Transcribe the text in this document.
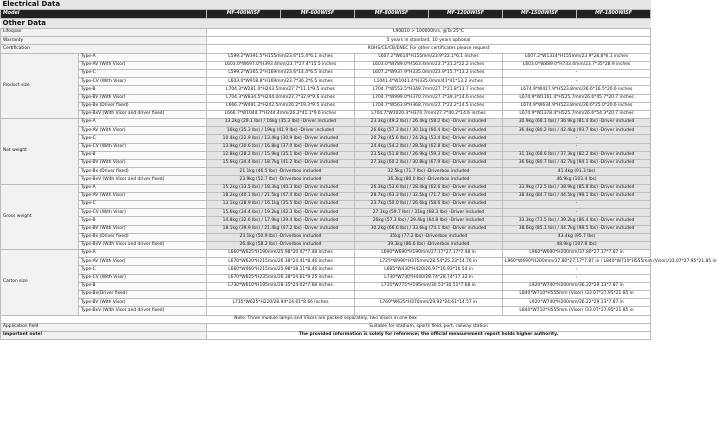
Electrical Data							
Model		MF-400WISF	MF-600WISF	MF-800WISF	MF-1200WISF	MF-1500WISF	MF-1800WISF
Other Data							
Lifespan		L90B10 > 100000hrs, @Ta 25°C					
Warranty		5 years in standard, 10 years optional					
Certification		ROHS/CE/CB/ENEC For other certificates please request					
Product size	Type-A	L599.2*W391.5*H155mm/23.6*15.4*6.1 inches		L607.2*W614*H155mm/23.9*22.1*6.1 inches		L607.2*W1314*H155mm/23.9*28.8*6.1 inches	
	Type-AV (With Visor)	L603.0*W697.0*H393.4mm/23.7*27.4*15.5 inches		L603.0*W789.0*H563.4mm/23.7*31.2*22.2 inches		L603.0*W889.0*H733.4mm/23.7*35*28.9 inches	
	Type-C	L599.2*W365.2*H169mm/23.6*14.4*6.5 inches		L607.2*W937.9*H335.0mm/23.9*15.7*13.2 inches		-	
	Type-CV (With Visor)	L603.0*W918.8*H169mm/23.7*36.2*6.5 inches		L1041.4*W1041.4*H335.0mm/41*41*13.2 inches		-	
	Type-B	L704.3*W281.0*H243.5mm/27.7*11.1*9.5 inches		L704.7*W553.5*H348.7mm/27.7*21.8*13.7 inches		L674.9*W417.9*H523.8mm/26.6*16.5*20.6 inches	
	Type-BV (With Visor)	L704.3*W834.5*H244.4mm/27.7*32.9*9.6 inches		L704.7*W999.0*H370.7mm/27.7*39.3*14.6 inches		L674.9*W1161.4*H525.7mm/26.6*45.7*20.7 inches	
	Type-Bx (Driver fixed)	L666.7*W491.2*H242.5mm/26.2*19.3*9.5 inches		L704.7*W563.8*H368.7mm/27.7*22.2*14.5 inches		L674.9*W634.9*H523.8mm/26.6*25.0*20.6 inches	
	Type-BxV (With Visor and driver fixed)	L666.7*W1044.7*H244.4mm/26.2*41.1*9.6 inches		L704.7*W1020.3*H370.7mm/27.7*40.2*14.6 inches		L674.9*W1378.4*H525.7mm/26.6*54.3*20.7 inches	
Net weight	Type-A	13.2kg (29.1 lbs) / 16kg (35.3 lbs) -Driver included		23.3kg (49.2 lbs) / 26.4kg (58.2 lbs) -Driver included		30.9kg (68.1 lbs) / 36.9kg (81.4 lbs) -Driver included	
	Type-AV (With Visor)	16kg (35.3 lbs) / 19kg (41.9 lbs) -Driver included		26.6kg (57.3 lbs) / 30.1kg (66.4 lbs) -Driver included		36.4kg (80.2 lbs) / 42.4kg (93.7 lbs) -Driver included	
	Type-C	10.4kg (22.9 lbs) / 13.4kg (30.9 lbs) -Driver included		20.7kg (45.6 lbs) / 24.2kg (53.4 lbs) -Driver included		-	
	Type-CV (With Visor)	13.9kg (30.6 lbs) / 16.8kg (37.0 lbs) -Driver included		24.4kg (54.2 lbs) / 28.5kg (62.8 lbs) -Driver included		-	
	Type-B	12.8kg (28.2 lbs) / 15.9kg (35.1 lbs) -Driver included		23.5kg (51.8 lbs) / 26.9kg (59.3 lbs) -Driver included		31.1kg (68.6 lbs) / 37.3kg (82.2 lbs) -Driver included	
	Type-BV (With Visor)	15.6kg (34.4 lbs) / 18.7kg (41.2 lbs) -Driver included		27.3kg (60.2 lbs) / 30.8kg (67.9 lbs) -Driver included		36.6kg (80.7 lbs) / 42.7kg (94.1 lbs) -Driver included	
	Type-Bx (Driver fixed)	21.1kg (46.5 lbs) -Driverbox included		32.5kg (71.7 lbs) -Driverbox included		41.4kg (91.3 lbs)	
	Type-BxV (With Visor and driver fixed)	23.9kg (52.7 lbs) -Driverbox included		36.3kg (80.0 lbs) -Driverbox included		46.9kg (103.4 lbs)	
Gross weight	Type-A	15.2kg (33.5 lbs) / 18.3kg (40.3 lbs) -Driver included		26.3kg (53.6 lbs) / 28.4kg (62.6 lbs) -Driver included		33.9kg (72.5 lbs) / 38.9kg (85.8 lbs) -Driver included	
	Type-AV (With Visor)	18.2kg (40.1 lbs) / 21.5kg (47.4 lbs) -Driver included		28.7kg (63.3 lbs) / 32.5kg (71.7 lbs) -Driver included		38.4kg (84.7 lbs) / 44.5kg (98.1 lbs) -Driver included	
	Type-C	13.1kg (28.9 lbs) / 16.1kg (35.5 lbs) -Driver included		23.7kg (50.0 lbs) / 26.6kg (58.6 lbs) -Driver included		-	
	Type-CV (With Visor)	15.6kg (34.4 lbs) / 19.2kg (42.3 lbs) -Driver included		27.1kg (59.7 lbs) / 31kg (68.3 lbs) -Driver included		-	
	Type-B	14.8kg (32.6 lbs) / 17.9kg (39.4 lbs) -Driver included		26kg (57.3 lbs) / 29.4kg (64.8 lbs) -Driver included		33.3kg (73.5 lbs) / 39.2kg (86.4 lbs) -Driver included	
	Type-BV (With Visor)	18.1kg (39.9 lbs) / 21.4kg (47.2 lbs) -Driver included		30.2kg (66.6 lbs) / 33.6kg (74.1 lbs) -Driver included		38.6kg (85.1 lbs) / 44.7kg (98.5 lbs) -Driver included	
	Type-Bx (Driver fixed)	23.1kg (50.9 lbs) -Driverbox included		35kg (77.2 lbs) -Driverbox included		43.4kg (95.7 lbs)	
	Type-BxV (With Visor and driver fixed)	26.4kg (58.2 lbs) -Driverbox included		39.3kg (86.6 lbs) -Driverbox included		48.9kg (107.8 lbs)	
Carton size	Type-A	L660*W625*H190mm/25.98*20.47*7.48 inches		L690*W690*H190mm/27.17*27.17*7.48 in		L960*W690*H200mm/37.80*27.17*7.87 in	
	Type-AV (With Visor)	L670*W620*H215mm/26.38*24.41*8.46 inches		L725*W990*H375mm/28.54*25.23*14.76 in		L960*W690*H200mm/37.80*27.17*7.87 in / L840*W710*H555mm (Visor)/33.07*27.95*21.85 in	
	Type-C	L660*W460*H215mm/25.98*18.11*8.46 inches		L685*W430*H420/26.97*16.93*16.54 in		-	
	Type-CV (With Visor)	L670*W625*H235mm/26.38*24.61*9.25 inches		L730*W730*H440/28.74*28.74*17.32 in		-	
	Type-B	L730*W610*H195mm/28.35*24.02*7.68 inches		L735*W775*H195mm/30.51*30.51*7.68 in		L920*W740*H200mm/36.22*29.13*7.87 in	
	Type-Bx(Driver fixed)					L840*W710*H555mm (Visor) /33.07*27.95*21.85 in	
	Type-BV (With Visor)	L735*W625*H220/28.94*24.61*8.66 inches		L760*W625*H370mm/29.92*24.61*14.57 in		L920*W740*H200mm/36.22*29.13*7.87 in	
	Type-BxV (With Visor and driver fixed)					L840*W710*H555mm (Visor) /33.07*27.95*21.85 in	
Note: Three module lamps and Visors are packed separately, two Visors in one box							
Application field		Suitable for stadium, sports field, port, railway station					
Important note!		The provided information is solely for reference; the official measurement report holds higher authority.					
